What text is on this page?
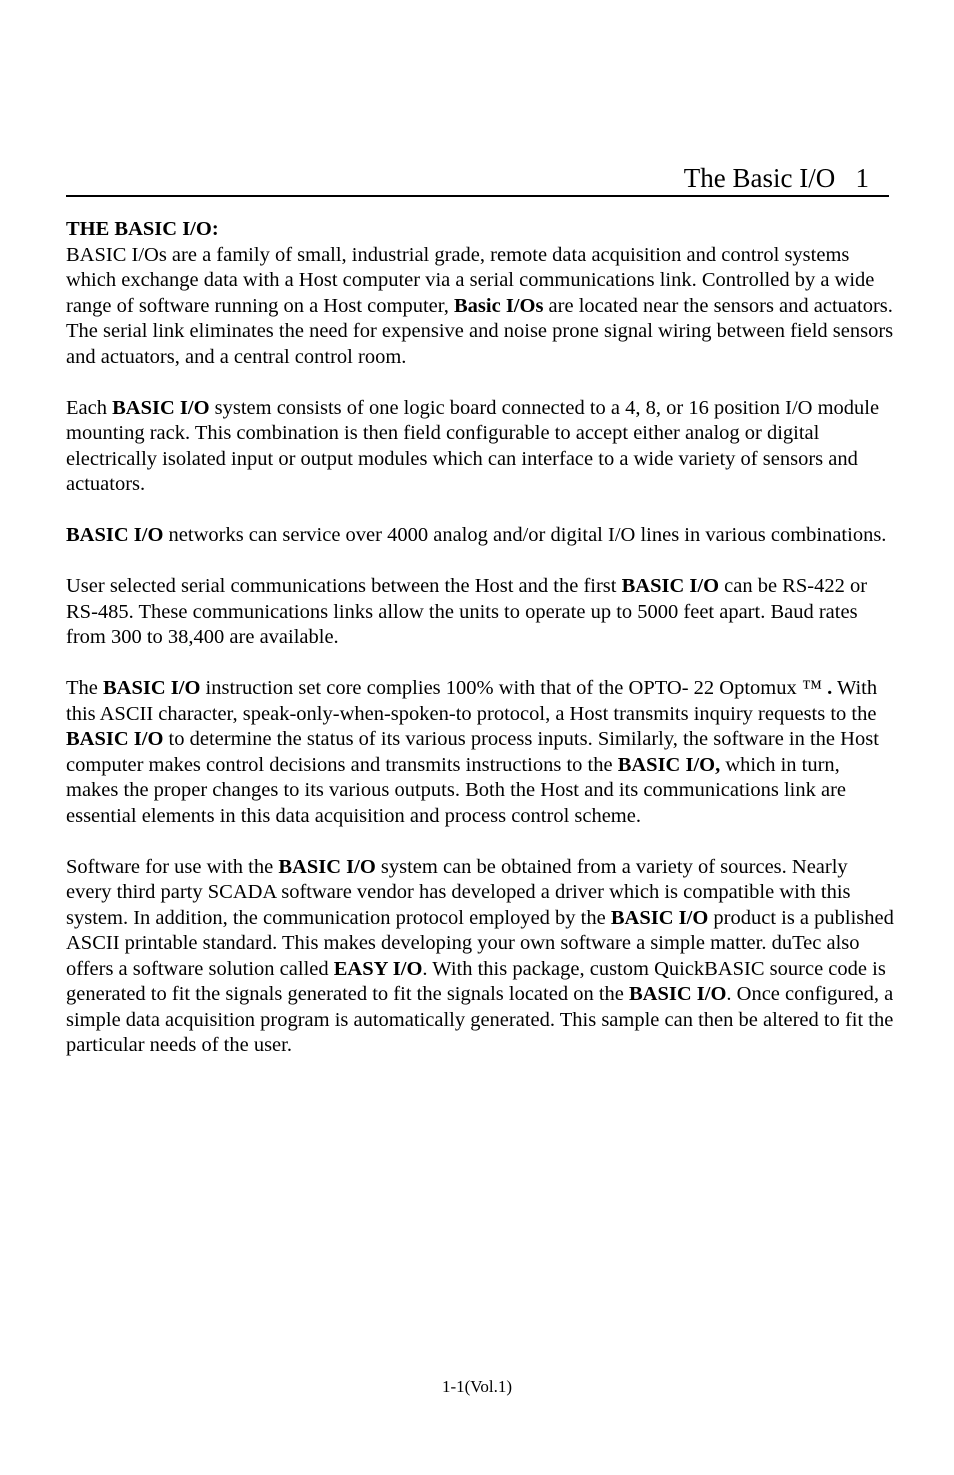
The Basic I/O   1
THE BASIC I/O:

BASIC I/Os are a family of small, industrial grade, remote data acquisition and control systems which exchange data with a Host computer via a serial communications link. Controlled by a wide range of software running on a Host computer, Basic I/Os are located near the sensors and actuators. The serial link eliminates the need for expensive and noise prone signal wiring between field sensors and actuators, and a central control room.

Each BASIC I/O system consists of one logic board connected to a 4, 8, or 16 position I/O module mounting rack. This combination is then field configurable to accept either analog or digital electrically isolated input or output modules which can interface to a wide variety of sensors and actuators.

BASIC I/O networks can service over 4000 analog and/or digital I/O lines in various combinations.

User selected serial communications between the Host and the first BASIC I/O can be RS-422 or RS-485. These communications links allow the units to operate up to 5000 feet apart. Baud rates from 300 to 38,400 are available.

The BASIC I/O instruction set core complies 100% with that of the OPTO- 22 Optomux ™ . With this ASCII character, speak-only-when-spoken-to protocol, a Host transmits inquiry requests to the BASIC I/O to determine the status of its various process inputs. Similarly, the software in the Host computer makes control decisions and transmits instructions to the BASIC I/O, which in turn, makes the proper changes to its various outputs. Both the Host and its communications link are essential elements in this data acquisition and process control scheme.

Software for use with the BASIC I/O system can be obtained from a variety of sources. Nearly every third party SCADA software vendor has developed a driver which is compatible with this system. In addition, the communication protocol employed by the BASIC I/O product is a published ASCII printable standard. This makes developing your own software a simple matter. duTec also offers a software solution called EASY I/O. With this package, custom QuickBASIC source code is generated to fit the signals generated to fit the signals located on the BASIC I/O. Once configured, a simple data acquisition program is automatically generated. This sample can then be altered to fit the particular needs of the user.

1-1(Vol.1)
